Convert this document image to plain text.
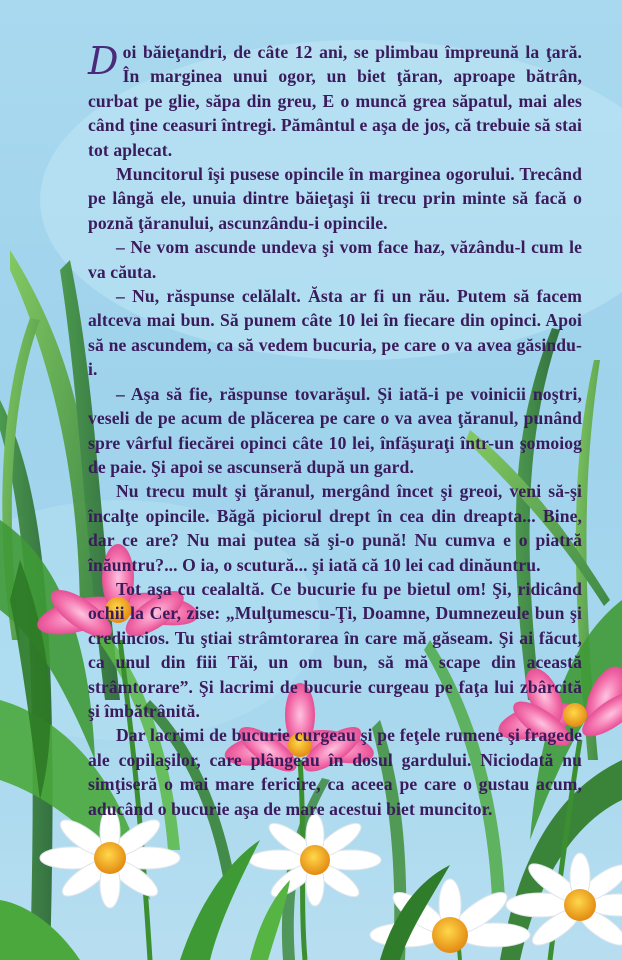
Doi băieţandri, de câte 12 ani, se plimbau împreună la ţară. În marginea unui ogor, un biet ţăran, aproape bătrân, curbat pe glie, săpa din greu, E o muncă grea săpatul, mai ales când ţine ceasuri întregi. Pământul e aşa de jos, că trebuie să stai tot aplecat.

Muncitorul îşi pusese opincile în marginea ogorului. Trecând pe lângă ele, unuia dintre băieţaşi îi trecu prin minte să facă o poznă ţăranului, ascunzându-i opincile.

– Ne vom ascunde undeva şi vom face haz, văzându-l cum le va căuta.

– Nu, răspunse celălalt. Ăsta ar fi un rău. Putem să facem altceva mai bun. Să punem câte 10 lei în fiecare din opinci. Apoi să ne ascundem, ca să vedem bucuria, pe care o va avea găsindu-i.

– Aşa să fie, răspunse tovarăşul. Şi iată-i pe voinicii noştri, veseli de pe acum de plăcerea pe care o va avea ţăranul, punând spre vârful fiecărei opinci câte 10 lei, înfăşuraţi într-un şomoiog de paie. Şi apoi se ascunseră după un gard.

Nu trecu mult şi ţăranul, mergând încet şi greoi, veni să-şi încalţe opincile. Băgă piciorul drept în cea din dreapta... Bine, dar ce are? Nu mai putea să şi-o pună! Nu cumva e o piatră înăuntru?... O ia, o scutură... şi iată că 10 lei cad dinăuntru.

Tot aşa cu cealaltă. Ce bucurie fu pe bietul om! Şi, ridicând ochii la Cer, zise: „Mulţumescu-Ţi, Doamne, Dumnezeule bun şi credincios. Tu ştiai strâmtorarea în care mă găseam. Şi ai făcut, ca unul din fiii Tăi, un om bun, să mă scape din această strâmtorare”. Şi lacrimi de bucurie curgeau pe faţa lui zbârcită şi îmbătrânită.

Dar lacrimi de bucurie curgeau şi pe feţele rumene şi fragede ale copilaşilor, care plângeau în dosul gardului. Niciodată nu simţiseră o mai mare fericire, ca aceea pe care o gustau acum, aducând o bucurie aşa de mare acestui biet muncitor.
